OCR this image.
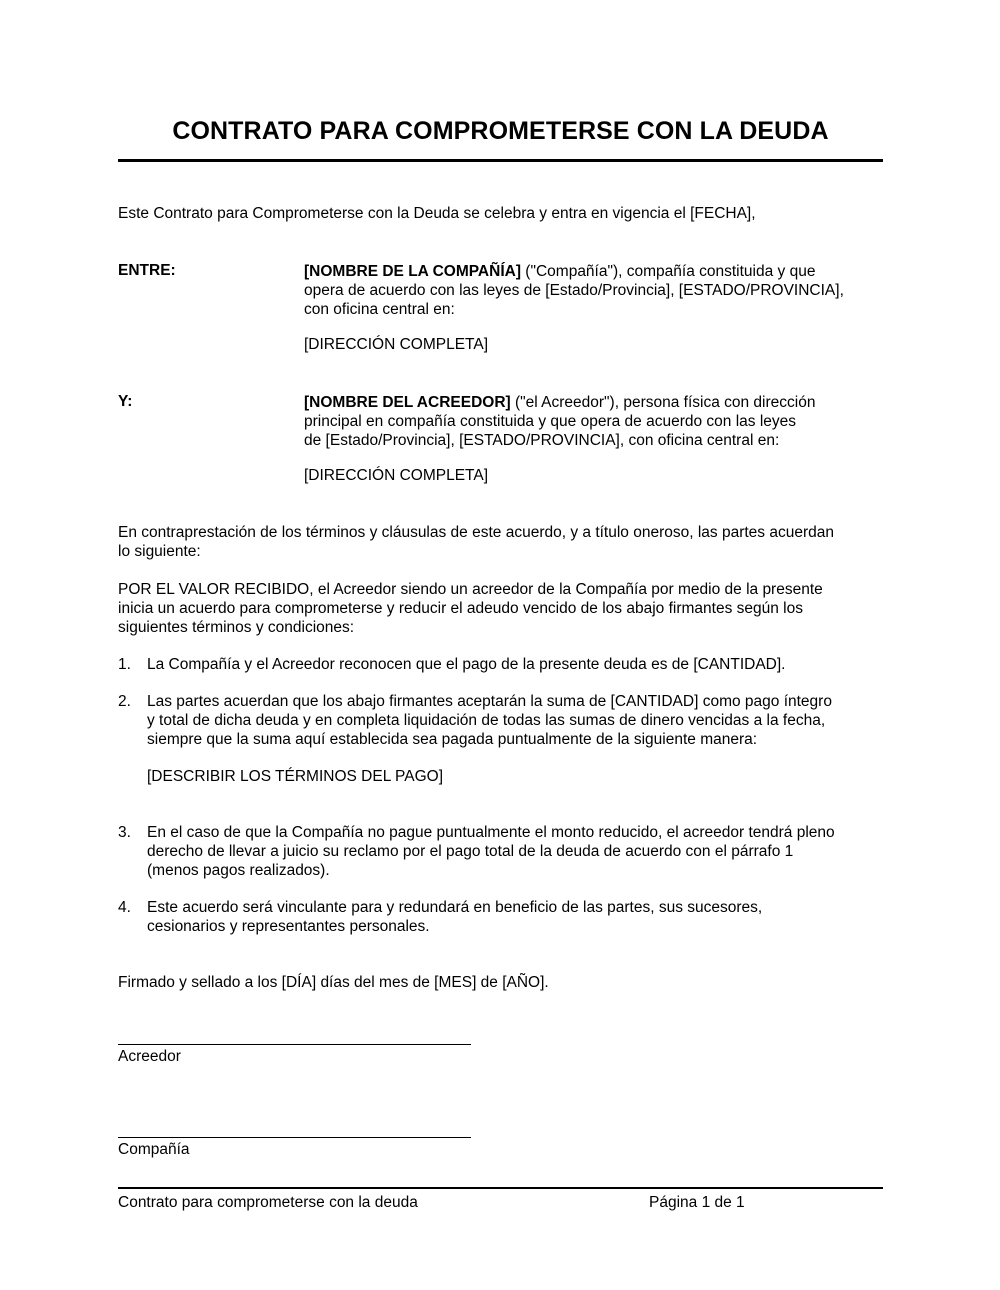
CONTRATO PARA COMPROMETERSE CON LA DEUDA
Este Contrato para Comprometerse con la Deuda se celebra y entra en vigencia el [FECHA],
ENTRE:	[NOMBRE DE LA COMPAÑÍA] ("Compañía"), compañía constituida y que
opera de acuerdo con las leyes de [Estado/Provincia], [ESTADO/PROVINCIA],
con oficina central en:
[DIRECCIÓN COMPLETA]
Y:	[NOMBRE DEL ACREEDOR] ("el Acreedor"), persona física con dirección
principal en compañía constituida y que opera de acuerdo con las leyes
de [Estado/Provincia], [ESTADO/PROVINCIA], con oficina central en:
[DIRECCIÓN COMPLETA]
En contraprestación de los términos y cláusulas de este acuerdo, y a título oneroso, las partes acuerdan
lo siguiente:
POR EL VALOR RECIBIDO, el Acreedor siendo un acreedor de la Compañía por medio de la presente
inicia un acuerdo para comprometerse y reducir el adeudo vencido de los abajo firmantes según los
siguientes términos y condiciones:
1. La Compañía y el Acreedor reconocen que el pago de la presente deuda es de [CANTIDAD].
2. Las partes acuerdan que los abajo firmantes aceptarán la suma de [CANTIDAD] como pago íntegro
y total de dicha deuda y en completa liquidación de todas las sumas de dinero vencidas a la fecha,
siempre que la suma aquí establecida sea pagada puntualmente de la siguiente manera:
[DESCRIBIR LOS TÉRMINOS DEL PAGO]
3. En el caso de que la Compañía no pague puntualmente el monto reducido, el acreedor tendrá pleno
derecho de llevar a juicio su reclamo por el pago total de la deuda de acuerdo con el párrafo 1
(menos pagos realizados).
4. Este acuerdo será vinculante para y redundará en beneficio de las partes, sus sucesores,
cesionarios y representantes personales.
Firmado y sellado a los [DÍA] días del mes de [MES] de [AÑO].
Acreedor
Compañía
Contrato para comprometerse con la deuda	Página 1 de 1
